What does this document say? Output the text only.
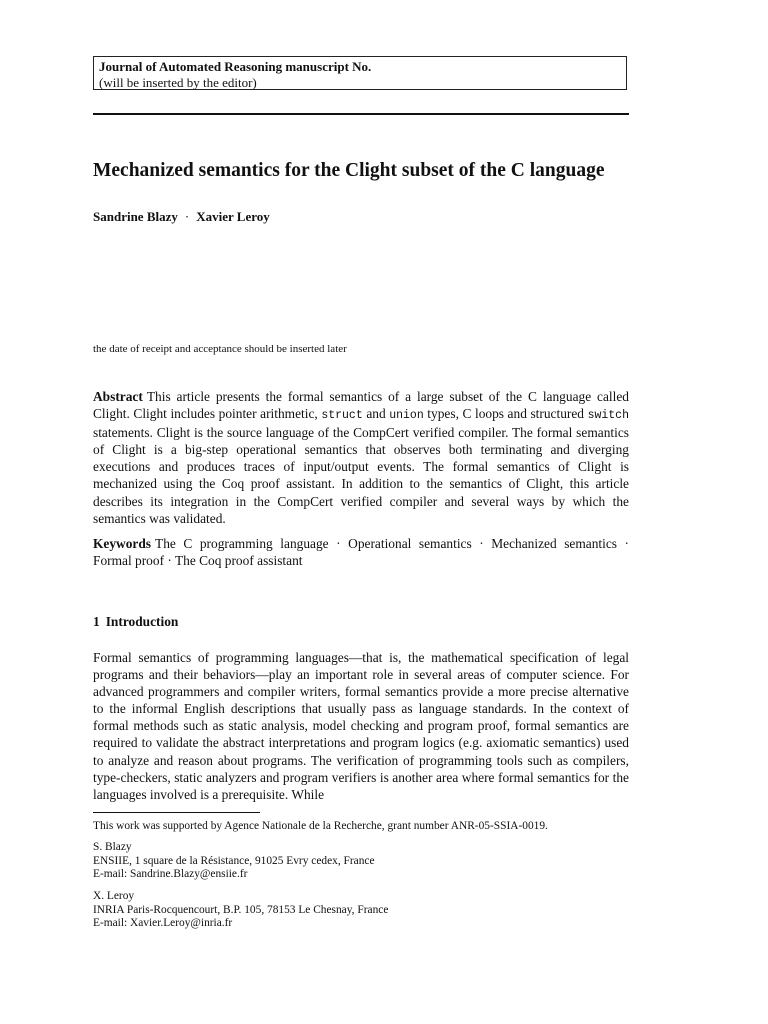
Journal of Automated Reasoning manuscript No.
(will be inserted by the editor)
Mechanized semantics for the Clight subset of the C language
Sandrine Blazy · Xavier Leroy
the date of receipt and acceptance should be inserted later
Abstract This article presents the formal semantics of a large subset of the C language called Clight. Clight includes pointer arithmetic, struct and union types, C loops and structured switch statements. Clight is the source language of the CompCert verified compiler. The formal semantics of Clight is a big-step operational semantics that observes both terminating and diverging executions and produces traces of input/output events. The formal semantics of Clight is mechanized using the Coq proof assistant. In addition to the semantics of Clight, this article describes its integration in the CompCert verified compiler and several ways by which the semantics was validated.
Keywords The C programming language · Operational semantics · Mechanized semantics · Formal proof · The Coq proof assistant
1 Introduction
Formal semantics of programming languages—that is, the mathematical specification of legal programs and their behaviors—play an important role in several areas of computer science. For advanced programmers and compiler writers, formal semantics provide a more precise alternative to the informal English descriptions that usually pass as language standards. In the context of formal methods such as static analysis, model checking and program proof, formal semantics are required to validate the abstract interpretations and program logics (e.g. axiomatic semantics) used to analyze and reason about programs. The verification of programming tools such as compilers, type-checkers, static analyzers and program verifiers is another area where formal semantics for the languages involved is a prerequisite. While
This work was supported by Agence Nationale de la Recherche, grant number ANR-05-SSIA-0019.
S. Blazy
ENSIIE, 1 square de la Résistance, 91025 Evry cedex, France
E-mail: Sandrine.Blazy@ensiie.fr
X. Leroy
INRIA Paris-Rocquencourt, B.P. 105, 78153 Le Chesnay, France
E-mail: Xavier.Leroy@inria.fr
